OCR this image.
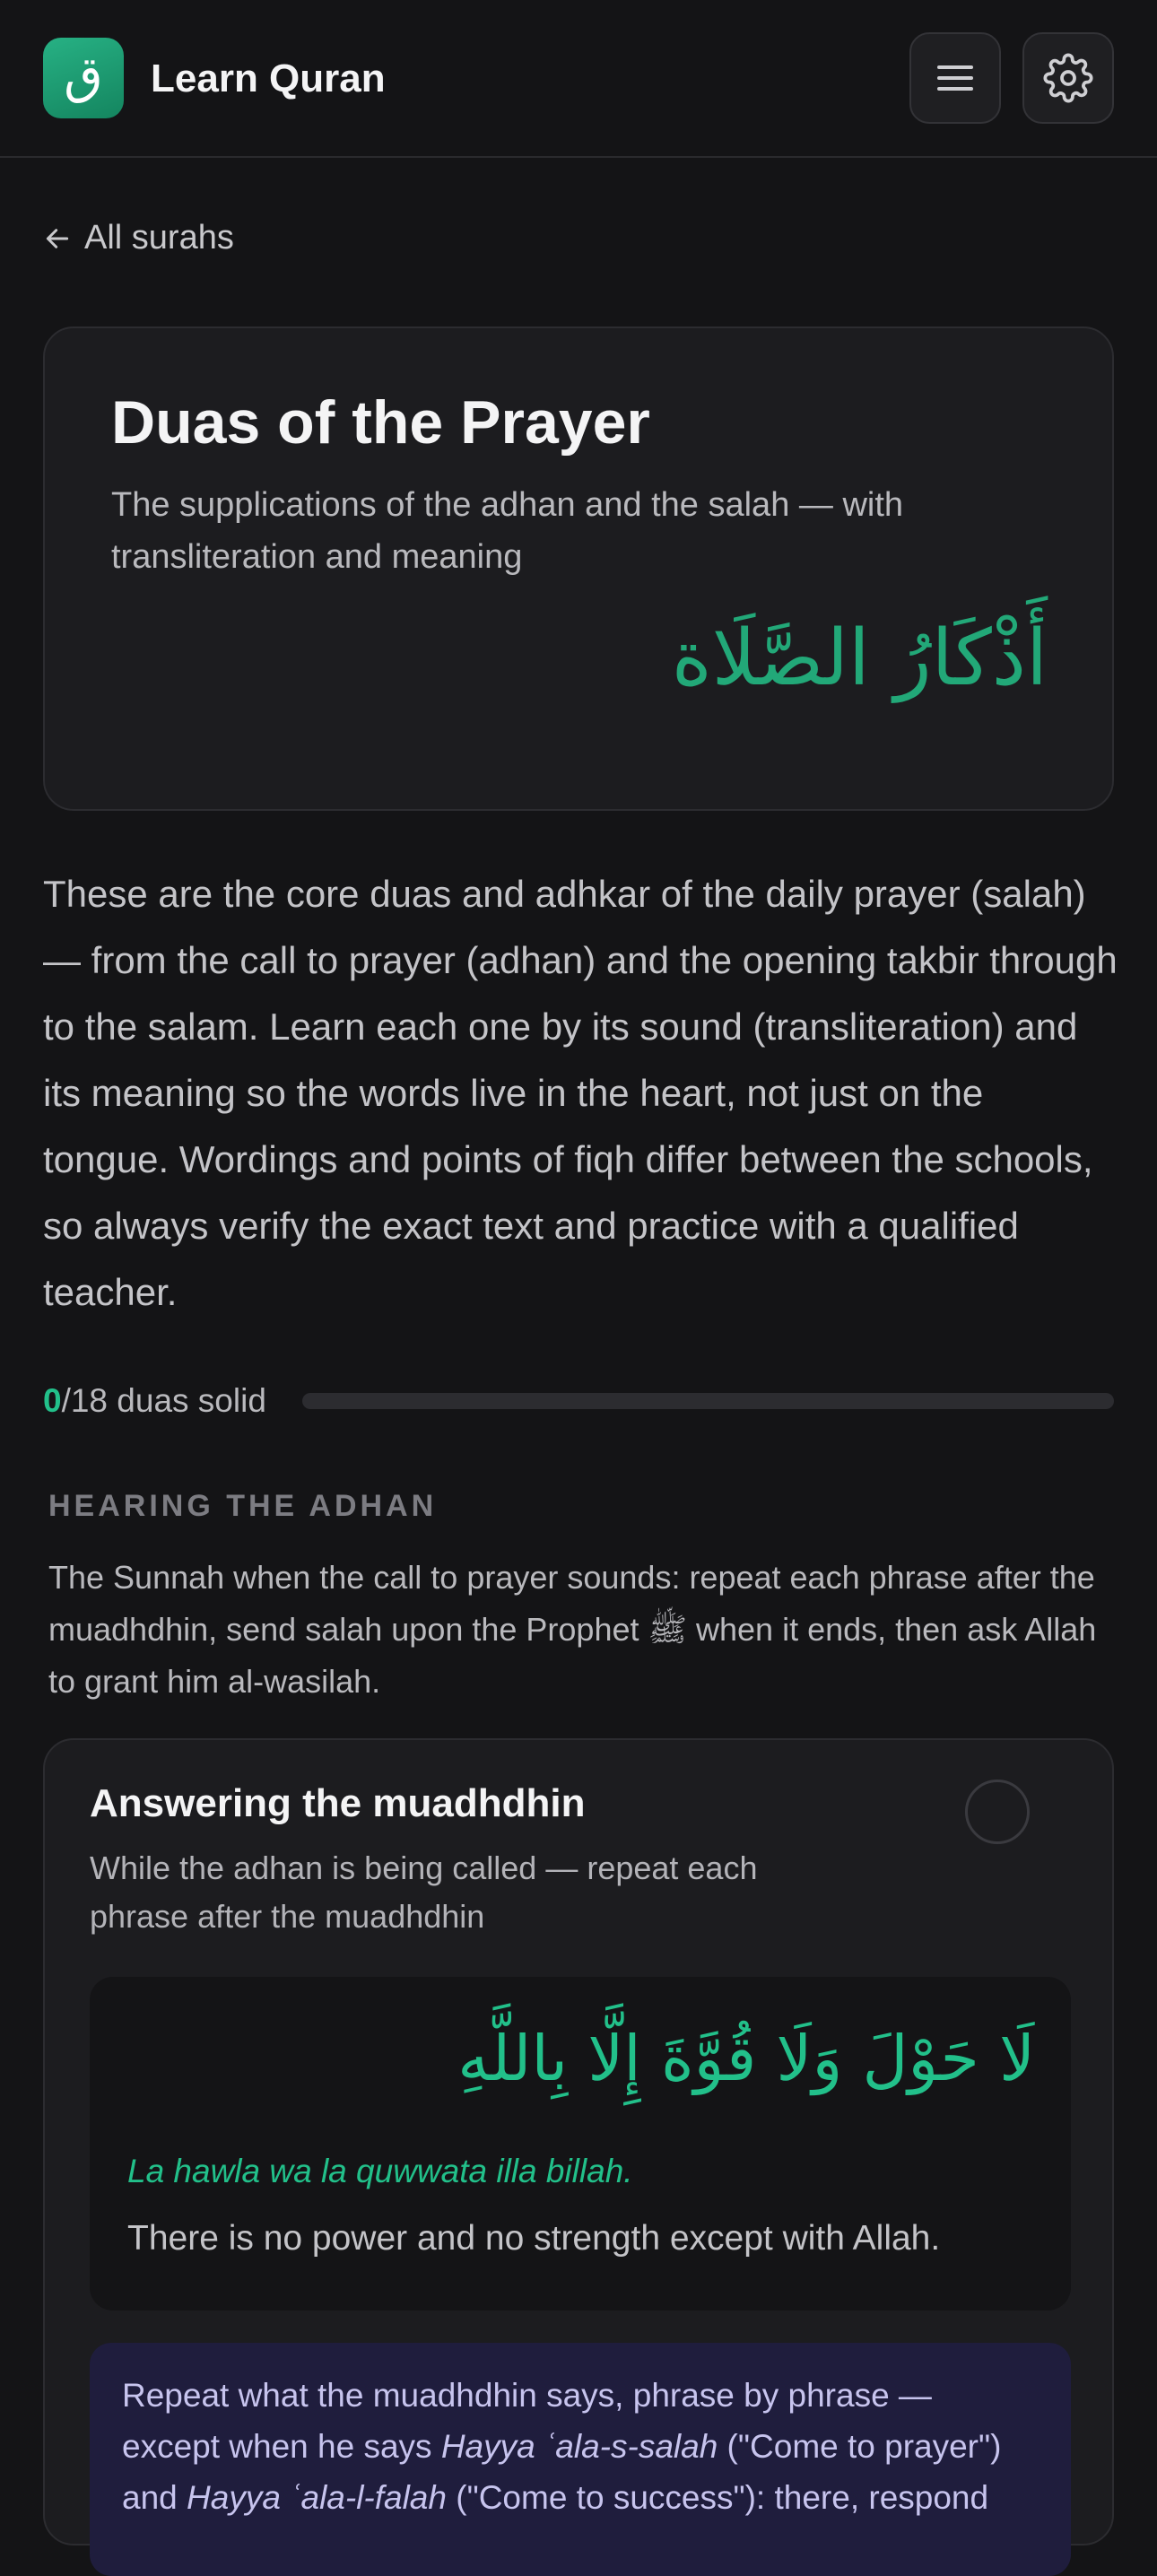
ق	Learn Quran
All surahs
Duas of the Prayer
The supplications of the adhan and the salah — with transliteration and meaning
أَذْكَارُ الصَّلَاة
These are the core duas and adhkar of the daily prayer (salah) — from the call to prayer (adhan) and the opening takbir through to the salam. Learn each one by its sound (transliteration) and its meaning so the words live in the heart, not just on the tongue. Wordings and points of fiqh differ between the schools, so always verify the exact text and practice with a qualified teacher.
0/18 duas solid
HEARING THE ADHAN
The Sunnah when the call to prayer sounds: repeat each phrase after the muadhdhin, send salah upon the Prophet ﷺ when it ends, then ask Allah to grant him al-wasilah.
Answering the muadhdhin
While the adhan is being called — repeat each phrase after the muadhdhin
لَا حَوْلَ وَلَا قُوَّةَ إِلَّا بِاللَّهِ
La hawla wa la quwwata illa billah.
There is no power and no strength except with Allah.
Repeat what the muadhdhin says, phrase by phrase — except when he says Hayya ʿala-s-salah ("Come to prayer") and Hayya ʿala-l-falah ("Come to success"): there, respond
